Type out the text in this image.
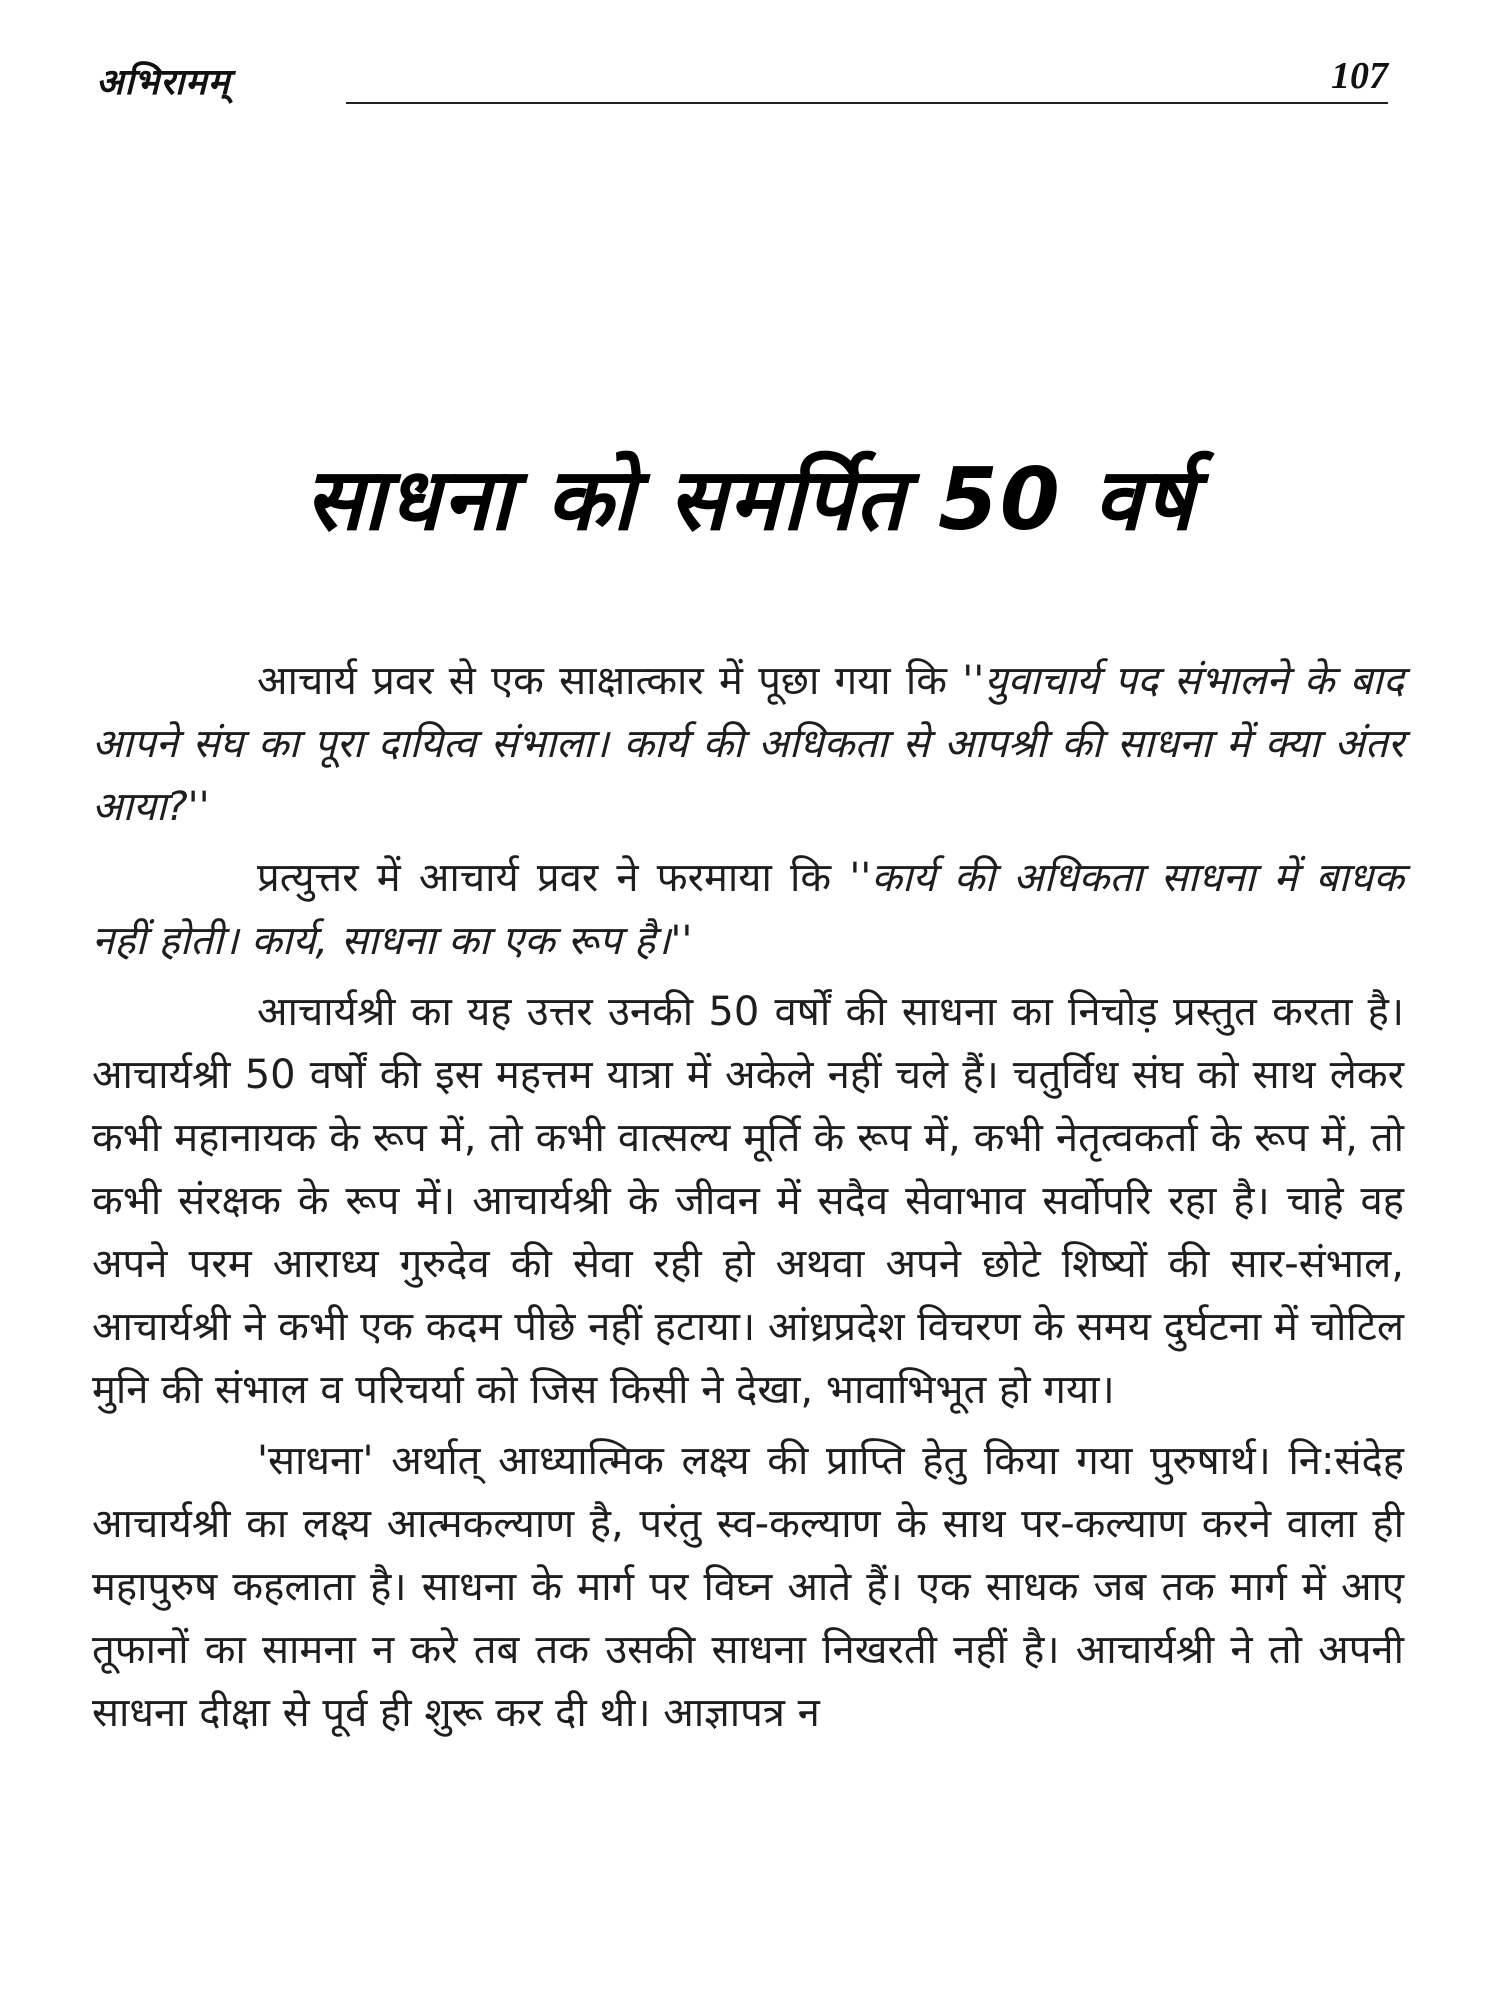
अभिरामम्	107
साधना को समर्पित 50 वर्ष

आचार्य प्रवर से एक साक्षात्कार में पूछा गया कि ''युवाचार्य पद संभालने के बाद आपने संघ का पूरा दायित्व संभाला। कार्य की अधिकता से आपश्री की साधना में क्या अंतर आया?''

प्रत्युत्तर में आचार्य प्रवर ने फरमाया कि ''कार्य की अधिकता साधना में बाधक नहीं होती। कार्य, साधना का एक रूप है।''

आचार्यश्री का यह उत्तर उनकी 50 वर्षों की साधना का निचोड़ प्रस्तुत करता है। आचार्यश्री 50 वर्षों की इस महत्तम यात्रा में अकेले नहीं चले हैं। चतुर्विध संघ को साथ लेकर कभी महानायक के रूप में, तो कभी वात्सल्य मूर्ति के रूप में, कभी नेतृत्वकर्ता के रूप में, तो कभी संरक्षक के रूप में। आचार्यश्री के जीवन में सदैव सेवाभाव सर्वोपरि रहा है। चाहे वह अपने परम आराध्य गुरुदेव की सेवा रही हो अथवा अपने छोटे शिष्यों की सार-संभाल, आचार्यश्री ने कभी एक कदम पीछे नहीं हटाया। आंध्रप्रदेश विचरण के समय दुर्घटना में चोटिल मुनि की संभाल व परिचर्या को जिस किसी ने देखा, भावाभिभूत हो गया।

'साधना' अर्थात् आध्यात्मिक लक्ष्य की प्राप्ति हेतु किया गया पुरुषार्थ। नि:संदेह आचार्यश्री का लक्ष्य आत्मकल्याण है, परंतु स्व-कल्याण के साथ पर-कल्याण करने वाला ही महापुरुष कहलाता है। साधना के मार्ग पर विघ्न आते हैं। एक साधक जब तक मार्ग में आए तूफानों का सामना न करे तब तक उसकी साधना निखरती नहीं है। आचार्यश्री ने तो अपनी साधना दीक्षा से पूर्व ही शुरू कर दी थी। आज्ञापत्र न
